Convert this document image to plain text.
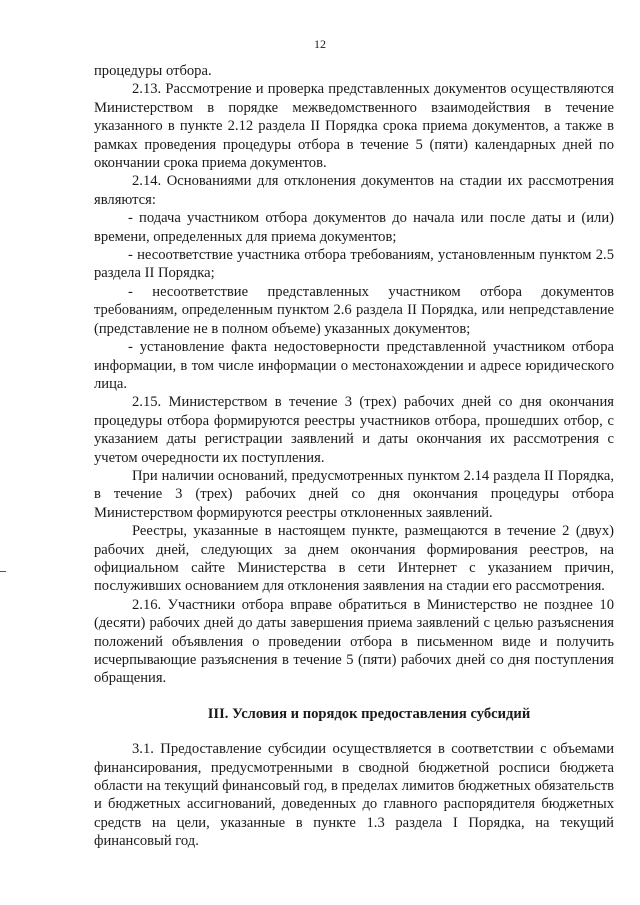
12

процедуры отбора.

2.13. Рассмотрение и проверка представленных документов осуществляются Министерством в порядке межведомственного взаимодействия в течение указанного в пункте 2.12 раздела II Порядка срока приема документов, а также в рамках проведения процедуры отбора в течение 5 (пяти) календарных дней по окончании срока приема документов.

2.14. Основаниями для отклонения документов на стадии их рассмотрения являются:

- подача участником отбора документов до начала или после даты и (или) времени, определенных для приема документов;

- несоответствие участника отбора требованиям, установленным пунктом 2.5 раздела II Порядка;

- несоответствие представленных участником отбора документов требованиям, определенным пунктом 2.6 раздела II Порядка, или непредставление (представление не в полном объеме) указанных документов;

- установление факта недостоверности представленной участником отбора информации, в том числе информации о местонахождении и адресе юридического лица.

2.15. Министерством в течение 3 (трех) рабочих дней со дня окончания процедуры отбора формируются реестры участников отбора, прошедших отбор, с указанием даты регистрации заявлений и даты окончания их рассмотрения с учетом очередности их поступления.

При наличии оснований, предусмотренных пунктом 2.14 раздела II Порядка, в течение 3 (трех) рабочих дней со дня окончания процедуры отбора Министерством формируются реестры отклоненных заявлений.

Реестры, указанные в настоящем пункте, размещаются в течение 2 (двух) рабочих дней, следующих за днем окончания формирования реестров, на официальном сайте Министерства в сети Интернет с указанием причин, послуживших основанием для отклонения заявления на стадии его рассмотрения.

2.16. Участники отбора вправе обратиться в Министерство не позднее 10 (десяти) рабочих дней до даты завершения приема заявлений с целью разъяснения положений объявления о проведении отбора в письменном виде и получить исчерпывающие разъяснения в течение 5 (пяти) рабочих дней со дня поступления обращения.

III. Условия и порядок предоставления субсидий

3.1. Предоставление субсидии осуществляется в соответствии с объемами финансирования, предусмотренными в сводной бюджетной росписи бюджета области на текущий финансовый год, в пределах лимитов бюджетных обязательств и бюджетных ассигнований, доведенных до главного распорядителя бюджетных средств на цели, указанные в пункте 1.3 раздела I Порядка, на текущий финансовый год.
